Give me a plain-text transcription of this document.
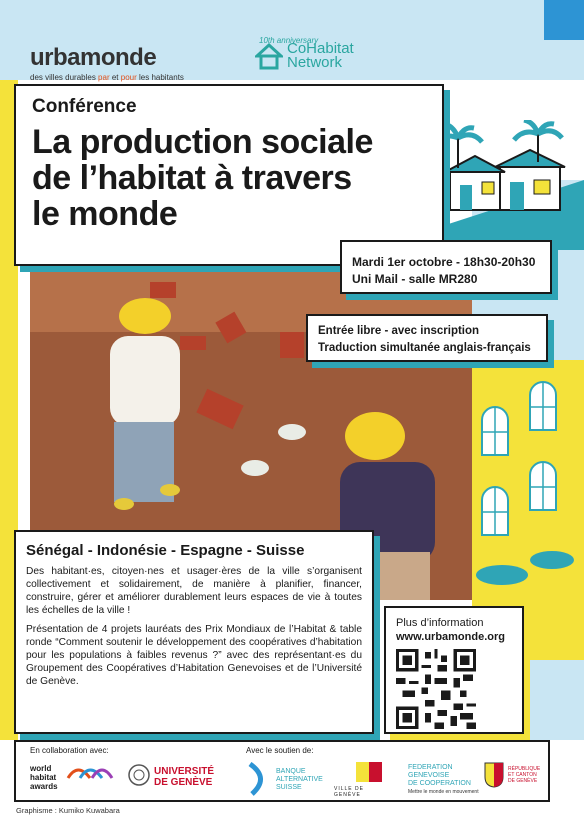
urbamonde
des villes durables par et pour les habitants
10th anniversary
CoHabitat
Network
Conférence
La production sociale
de l’habitat à travers
le monde
Mardi 1er octobre - 18h30-20h30
Uni Mail - salle MR280
Entrée libre - avec inscription
Traduction simultanée anglais-français
Sénégal - Indonésie - Espagne - Suisse

Des habitant·es, citoyen·nes et usager·ères de la ville s’organisent collectivement et solidairement, de manière à planifier, financer, construire, gérer et améliorer durablement leurs espaces de vie à toutes les échelles de la ville !

Présentation de 4 projets lauréats des Prix Mondiaux de l’Habitat & table ronde “Comment soutenir le développement des coopératives d’habitation pour les populations à faibles revenus ?” avec des représentant·es du Groupement des Coopératives d’Habitation Genevoises et de l’Université de Genève.

Plus d’information
www.urbamonde.org
En collaboration avec:	Avec le soutien de:
world
habitat
awards
UNIVERSITÉ
DE GENÈVE
BANQUE
ALTERNATIVE
SUISSE	VILLE DE
GENÈVE
FEDERATION
GENEVOISE
DE COOPERATION
Mettre le monde en mouvement
RÉPUBLIQUE
ET CANTON
DE GENÈVE
Graphisme : Kumiko Kuwabara
